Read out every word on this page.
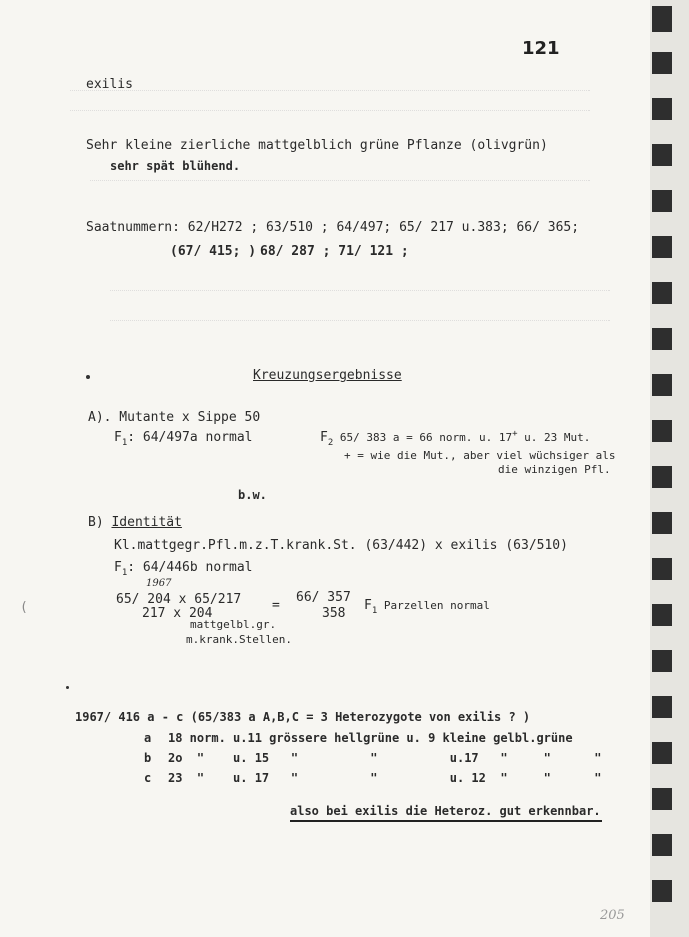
121
exilis
Sehr kleine zierliche mattgelblich grüne Pflanze (olivgrün)
sehr spät blühend.
Saatnummern: 62/H272 ; 63/510 ; 64/497; 65/ 217 u.383; 66/ 365;
(67/ 415; ) 68/ 287 ; 71/ 121 ;
Kreuzungsergebnisse
A). Mutante x Sippe 50
$F_1$: 64/497a normal	$F_2$ 65/ 383 a = 66 norm. u. 17+ u. 23 Mut.
+ = wie die Mut., aber viel wüchsiger als
die winzigen Pfl.
b.w.
B) Identität
Kl.mattgegr.Pfl.m.z.T.krank.St. (63/442) x exilis (63/510)
$F_1$: 64/446b normal
1967
65/ 204 x 65/217
217 x 204
=
66/ 357
358
$F_1$ Parzellen normal
mattgelbl.gr.
m.krank.Stellen.
(
1967/ 416 a - c (65/383 a A,B,C = 3 Heterozygote von exilis ? )
a 18 norm. u.11 grössere hellgrüne u. 9 kleine gelbl.grüne
b 2o  "    u. 15   "          "          u.17   "     "      "
c 23  "    u. 17   "          "          u. 12  "     "      "
also bei exilis die Heteroz. gut erkennbar.
205
